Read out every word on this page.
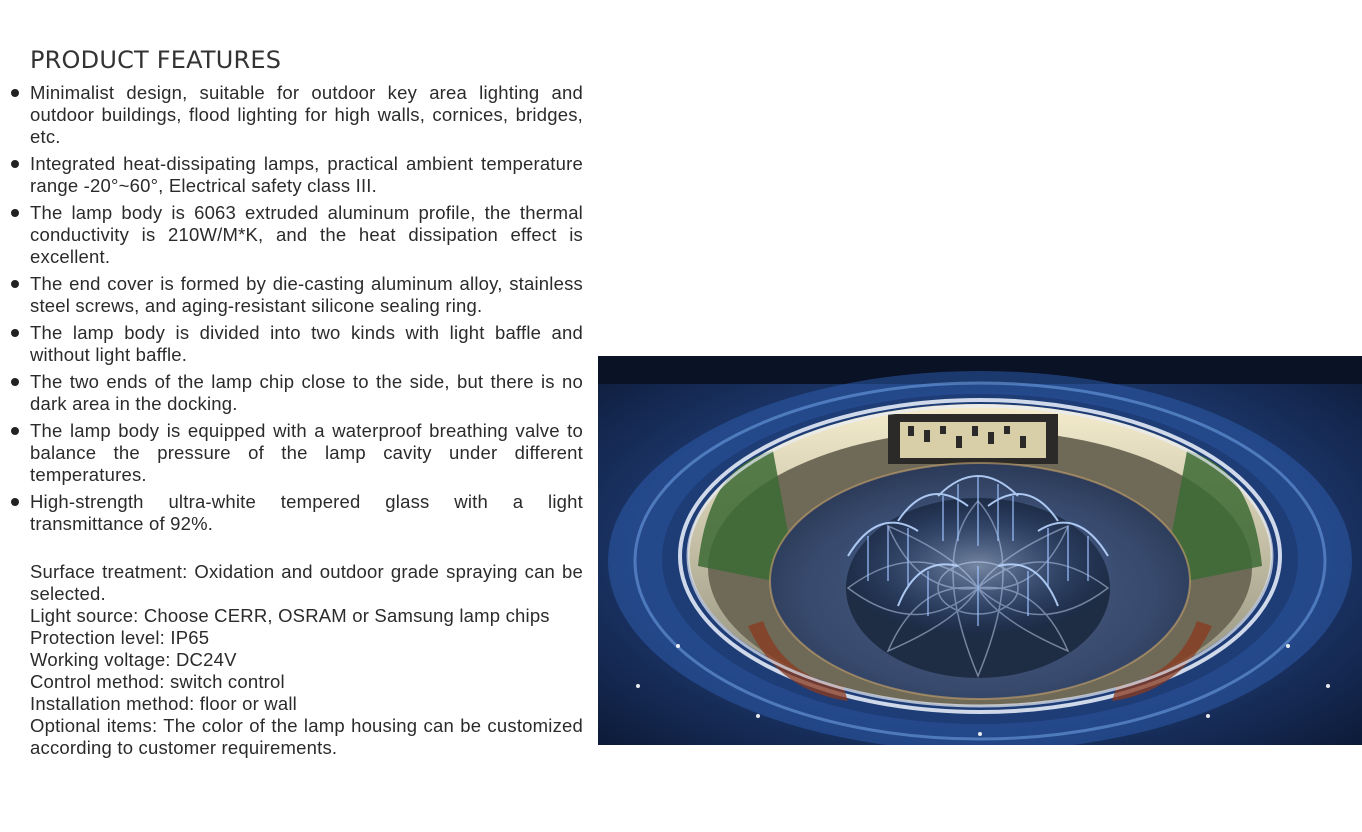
PRODUCT FEATURES
Minimalist design, suitable for outdoor key area lighting and outdoor buildings, flood lighting for high walls, cornices, bridges, etc.
Integrated heat-dissipating lamps, practical ambient temperature range -20°~60°, Electrical safety class III.
The lamp body is 6063 extruded aluminum profile, the thermal conductivity is 210W/M*K, and the heat dissipation effect is excellent.
The end cover is formed by die-casting aluminum alloy, stainless steel screws, and aging-resistant silicone sealing ring.
The lamp body is divided into two kinds with light baffle and without light baffle.
The two ends of the lamp chip close to the side, but there is no dark area in the docking.
The lamp body is equipped with a waterproof breathing valve to balance the pressure of the lamp cavity under different temperatures.
High-strength ultra-white tempered glass with a light transmittance of 92%.
Surface treatment: Oxidation and outdoor grade spraying can be selected.
Light source: Choose CERR, OSRAM or Samsung lamp chips
Protection level: IP65
Working voltage: DC24V
Control method: switch control
Installation method: floor or wall
Optional items: The color of the lamp housing can be customized according to customer requirements.
